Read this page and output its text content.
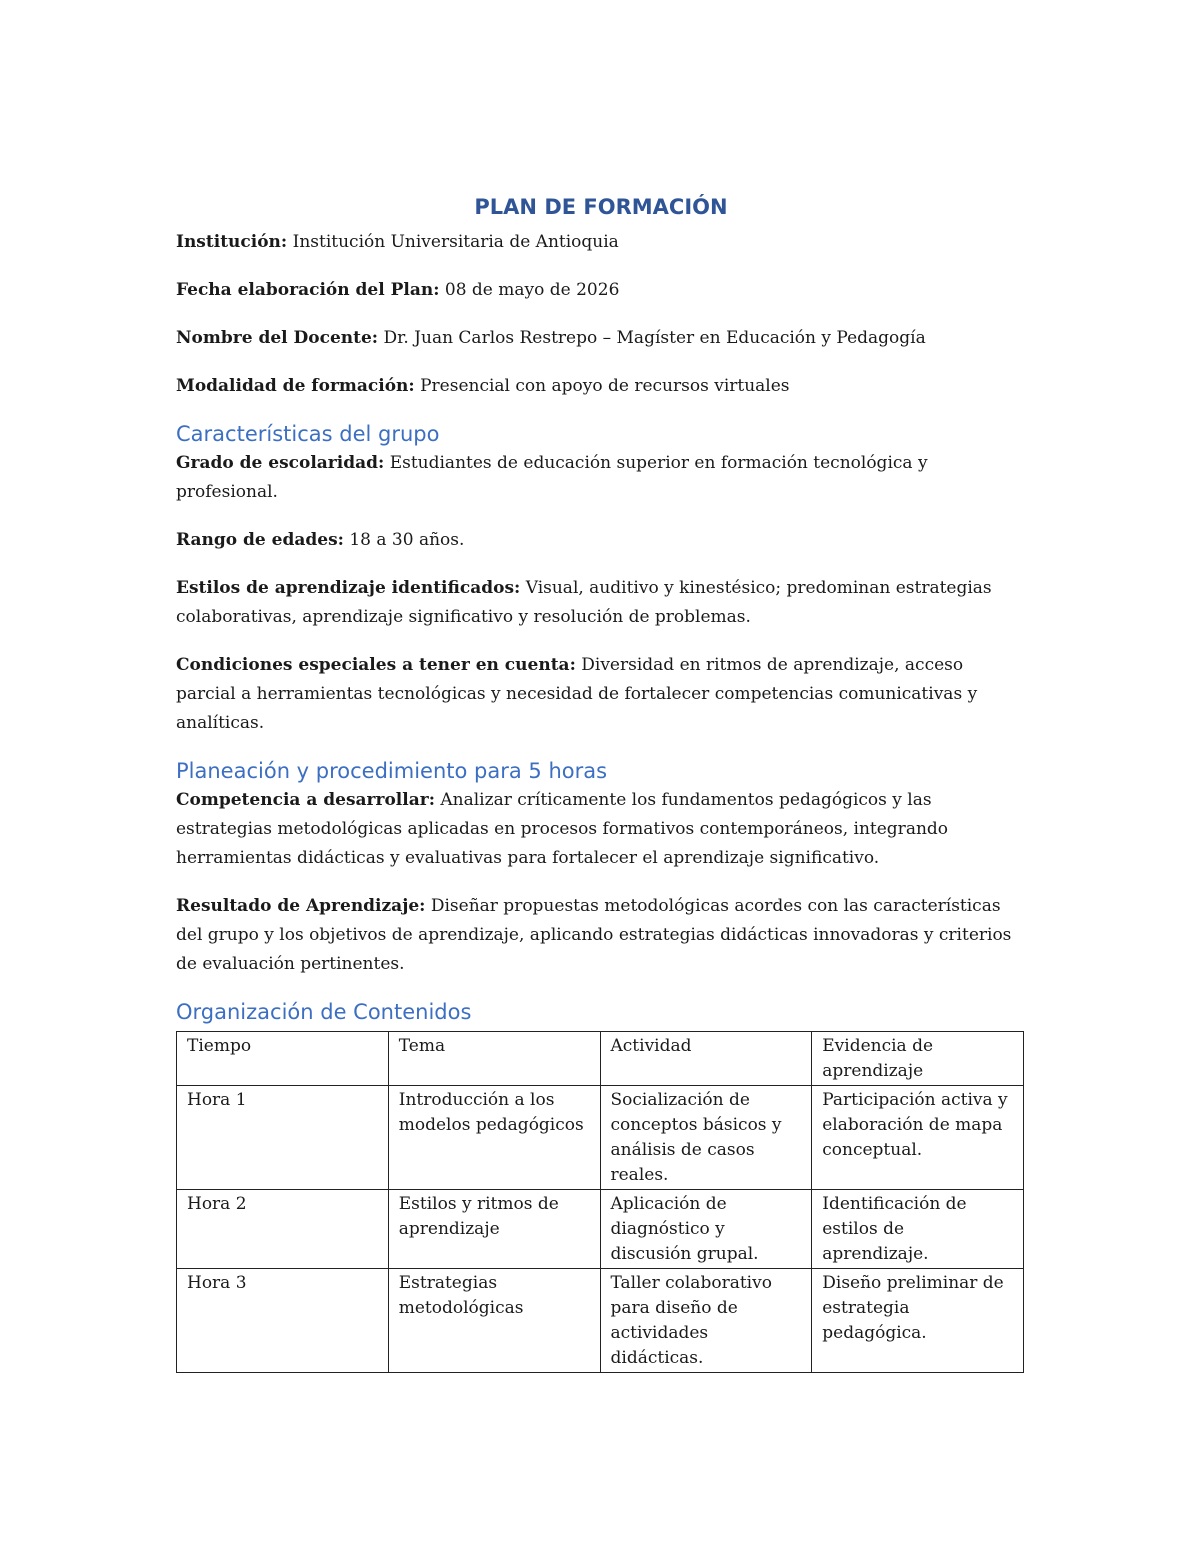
PLAN DE FORMACIÓN

Institución: Institución Universitaria de Antioquia

Fecha elaboración del Plan: 08 de mayo de 2026

Nombre del Docente: Dr. Juan Carlos Restrepo – Magíster en Educación y Pedagogía

Modalidad de formación: Presencial con apoyo de recursos virtuales

Características del grupo

Grado de escolaridad: Estudiantes de educación superior en formación tecnológica y profesional.

Rango de edades: 18 a 30 años.

Estilos de aprendizaje identificados: Visual, auditivo y kinestésico; predominan estrategias colaborativas, aprendizaje significativo y resolución de problemas.

Condiciones especiales a tener en cuenta: Diversidad en ritmos de aprendizaje, acceso parcial a herramientas tecnológicas y necesidad de fortalecer competencias comunicativas y analíticas.

Planeación y procedimiento para 5 horas

Competencia a desarrollar: Analizar críticamente los fundamentos pedagógicos y las estrategias metodológicas aplicadas en procesos formativos contemporáneos, integrando herramientas didácticas y evaluativas para fortalecer el aprendizaje significativo.

Resultado de Aprendizaje: Diseñar propuestas metodológicas acordes con las características del grupo y los objetivos de aprendizaje, aplicando estrategias didácticas innovadoras y criterios de evaluación pertinentes.

Organización de Contenidos
Tiempo	Tema	Actividad	Evidencia de aprendizaje
Hora 1	Introducción a los modelos pedagógicos	Socialización de conceptos básicos y análisis de casos reales.	Participación activa y elaboración de mapa conceptual.
Hora 2	Estilos y ritmos de aprendizaje	Aplicación de diagnóstico y discusión grupal.	Identificación de estilos de aprendizaje.
Hora 3	Estrategias metodológicas	Taller colaborativo para diseño de actividades didácticas.	Diseño preliminar de estrategia pedagógica.
